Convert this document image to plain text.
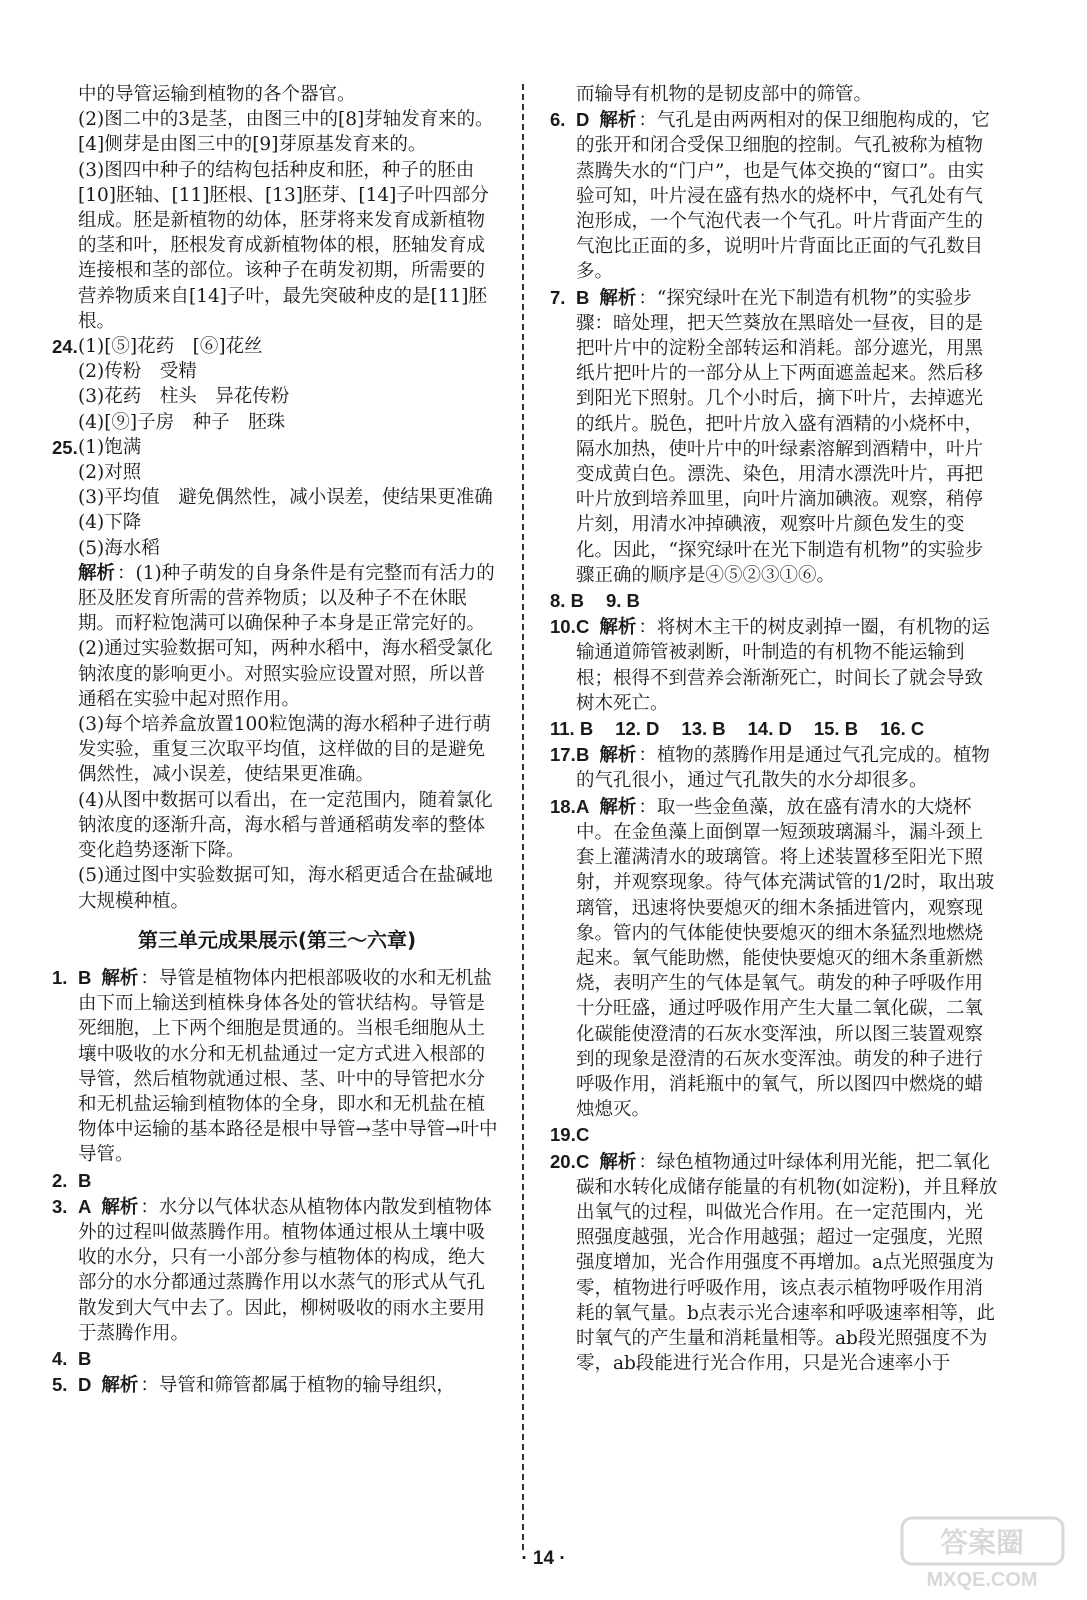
中的导管运输到植物的各个器官。

(2)图二中的3是茎，由图三中的[8]芽轴发育来的。[4]侧芽是由图三中的[9]芽原基发育来的。

(3)图四中种子的结构包括种皮和胚，种子的胚由[10]胚轴、[11]胚根、[13]胚芽、[14]子叶四部分组成。胚是新植物的幼体，胚芽将来发育成新植物的茎和叶，胚根发育成新植物体的根，胚轴发育成连接根和茎的部位。该种子在萌发初期，所需要的营养物质来自[14]子叶，最先突破种皮的是[11]胚根。

24. (1)[⑤]花药　[⑥]花丝
(2)传粉　受精
(3)花药　柱头　异花传粉
(4)[⑨]子房　种子　胚珠
25. (1)饱满
(2)对照
(3)平均值　避免偶然性，减小误差，使结果更准确
(4)下降
(5)海水稻
解析 ：(1)种子萌发的自身条件是有完整而有活力的胚及胚发育所需的营养物质；以及种子不在休眠期。而籽粒饱满可以确保种子本身是正常完好的。
(2)通过实验数据可知，两种水稻中，海水稻受氯化钠浓度的影响更小。对照实验应设置对照，所以普通稻在实验中起对照作用。
(3)每个培养盒放置100粒饱满的海水稻种子进行萌发实验，重复三次取平均值，这样做的目的是避免偶然性，减小误差，使结果更准确。
(4)从图中数据可以看出，在一定范围内，随着氯化钠浓度的逐渐升高，海水稻与普通稻萌发率的整体变化趋势逐渐下降。
(5)通过图中实验数据可知，海水稻更适合在盐碱地大规模种植。
第三单元成果展示(第三～六章)
1. B 解析 ：导管是植物体内把根部吸收的水和无机盐由下而上输送到植株身体各处的管状结构。导管是死细胞，上下两个细胞是贯通的。当根毛细胞从土壤中吸收的水分和无机盐通过一定方式进入根部的导管，然后植物就通过根、茎、叶中的导管把水分和无机盐运输到植物体的全身，即水和无机盐在植物体中运输的基本路径是根中导管→茎中导管→叶中导管。
2. B
3. A 解析 ：水分以气体状态从植物体内散发到植物体外的过程叫做蒸腾作用。植物体通过根从土壤中吸收的水分，只有一小部分参与植物体的构成，绝大部分的水分都通过蒸腾作用以水蒸气的形式从气孔散发到大气中去了。因此，柳树吸收的雨水主要用于蒸腾作用。
4. B
5. D 解析 ：导管和筛管都属于植物的输导组织，

而输导有机物的是韧皮部中的筛管。

6. D 解析 ：气孔是由两两相对的保卫细胞构成的，它的张开和闭合受保卫细胞的控制。气孔被称为植物蒸腾失水的“门户”，也是气体交换的“窗口”。由实验可知，叶片浸在盛有热水的烧杯中，气孔处有气泡形成，一个气泡代表一个气孔。叶片背面产生的气泡比正面的多，说明叶片背面比正面的气孔数目多。
7. B 解析 ：“探究绿叶在光下制造有机物”的实验步骤：暗处理，把天竺葵放在黑暗处一昼夜，目的是把叶片中的淀粉全部转运和消耗。部分遮光，用黑纸片把叶片的一部分从上下两面遮盖起来。然后移到阳光下照射。几个小时后，摘下叶片，去掉遮光的纸片。脱色，把叶片放入盛有酒精的小烧杯中，隔水加热，使叶片中的叶绿素溶解到酒精中，叶片变成黄白色。漂洗、染色，用清水漂洗叶片，再把叶片放到培养皿里，向叶片滴加碘液。观察，稍停片刻，用清水冲掉碘液，观察叶片颜色发生的变化。因此，“探究绿叶在光下制造有机物”的实验步骤正确的顺序是④⑤②③①⑥。
8. B 9. B
10. C 解析 ：将树木主干的树皮剥掉一圈，有机物的运输通道筛管被剥断，叶制造的有机物不能运输到根；根得不到营养会渐渐死亡，时间长了就会导致树木死亡。
11. B 12. D 13. B 14. D 15. B 16. C
17. B 解析 ：植物的蒸腾作用是通过气孔完成的。植物的气孔很小，通过气孔散失的水分却很多。
18. A 解析 ：取一些金鱼藻，放在盛有清水的大烧杯中。在金鱼藻上面倒罩一短颈玻璃漏斗，漏斗颈上套上灌满清水的玻璃管。将上述装置移至阳光下照射，并观察现象。待气体充满试管的1/2时，取出玻璃管，迅速将快要熄灭的细木条插进管内，观察现象。管内的气体能使快要熄灭的细木条猛烈地燃烧起来。氧气能助燃，能使快要熄灭的细木条重新燃烧，表明产生的气体是氧气。萌发的种子呼吸作用十分旺盛，通过呼吸作用产生大量二氧化碳，二氧化碳能使澄清的石灰水变浑浊，所以图三装置观察到的现象是澄清的石灰水变浑浊。萌发的种子进行呼吸作用，消耗瓶中的氧气，所以图四中燃烧的蜡烛熄灭。
19. C
20. C 解析 ：绿色植物通过叶绿体利用光能，把二氧化碳和水转化成储存能量的有机物(如淀粉)，并且释放出氧气的过程，叫做光合作用。在一定范围内，光照强度越强，光合作用越强；超过一定强度，光照强度增加，光合作用强度不再增加。a点光照强度为零，植物进行呼吸作用，该点表示植物呼吸作用消耗的氧气量。b点表示光合速率和呼吸速率相等，此时氧气的产生量和消耗量相等。ab段光照强度不为零，ab段能进行光合作用，只是光合速率小于
· 14 ·	答案圈
MXQE.COM
